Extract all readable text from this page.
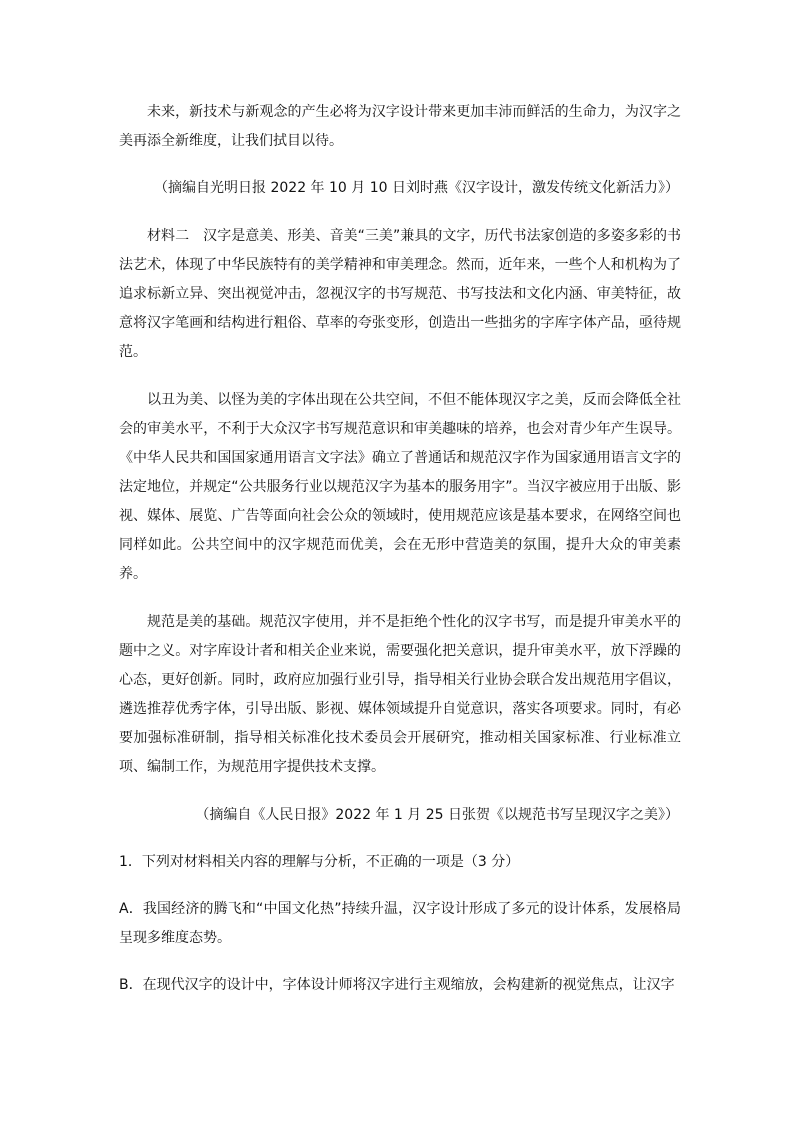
未来，新技术与新观念的产生必将为汉字设计带来更加丰沛而鲜活的生命力，为汉字之美再添全新维度，让我们拭目以待。

（摘编自光明日报 2022 年 10 月 10 日刘时燕《汉字设计，激发传统文化新活力》）

材料二　汉字是意美、形美、音美“三美”兼具的文字，历代书法家创造的多姿多彩的书法艺术，体现了中华民族特有的美学精神和审美理念。然而，近年来，一些个人和机构为了追求标新立异、突出视觉冲击，忽视汉字的书写规范、书写技法和文化内涵、审美特征，故意将汉字笔画和结构进行粗俗、草率的夸张变形，创造出一些拙劣的字库字体产品，亟待规范。

以丑为美、以怪为美的字体出现在公共空间，不但不能体现汉字之美，反而会降低全社会的审美水平，不利于大众汉字书写规范意识和审美趣味的培养，也会对青少年产生误导。《中华人民共和国国家通用语言文字法》确立了普通话和规范汉字作为国家通用语言文字的法定地位，并规定“公共服务行业以规范汉字为基本的服务用字”。当汉字被应用于出版、影视、媒体、展览、广告等面向社会公众的领域时，使用规范应该是基本要求，在网络空间也同样如此。公共空间中的汉字规范而优美，会在无形中营造美的氛围，提升大众的审美素养。

规范是美的基础。规范汉字使用，并不是拒绝个性化的汉字书写，而是提升审美水平的题中之义。对字库设计者和相关企业来说，需要强化把关意识，提升审美水平，放下浮躁的心态，更好创新。同时，政府应加强行业引导，指导相关行业协会联合发出规范用字倡议，遴选推荐优秀字体，引导出版、影视、媒体领域提升自觉意识，落实各项要求。同时，有必要加强标准研制，指导相关标准化技术委员会开展研究，推动相关国家标准、行业标准立项、编制工作，为规范用字提供技术支撑。

（摘编自《人民日报》2022 年 1 月 25 日张贺《以规范书写呈现汉字之美》）

1．下列对材料相关内容的理解与分析，不正确的一项是（3 分）

A．我国经济的腾飞和“中国文化热”持续升温，汉字设计形成了多元的设计体系，发展格局呈现多维度态势。

B．在现代汉字的设计中，字体设计师将汉字进行主观缩放，会构建新的视觉焦点，让汉字
